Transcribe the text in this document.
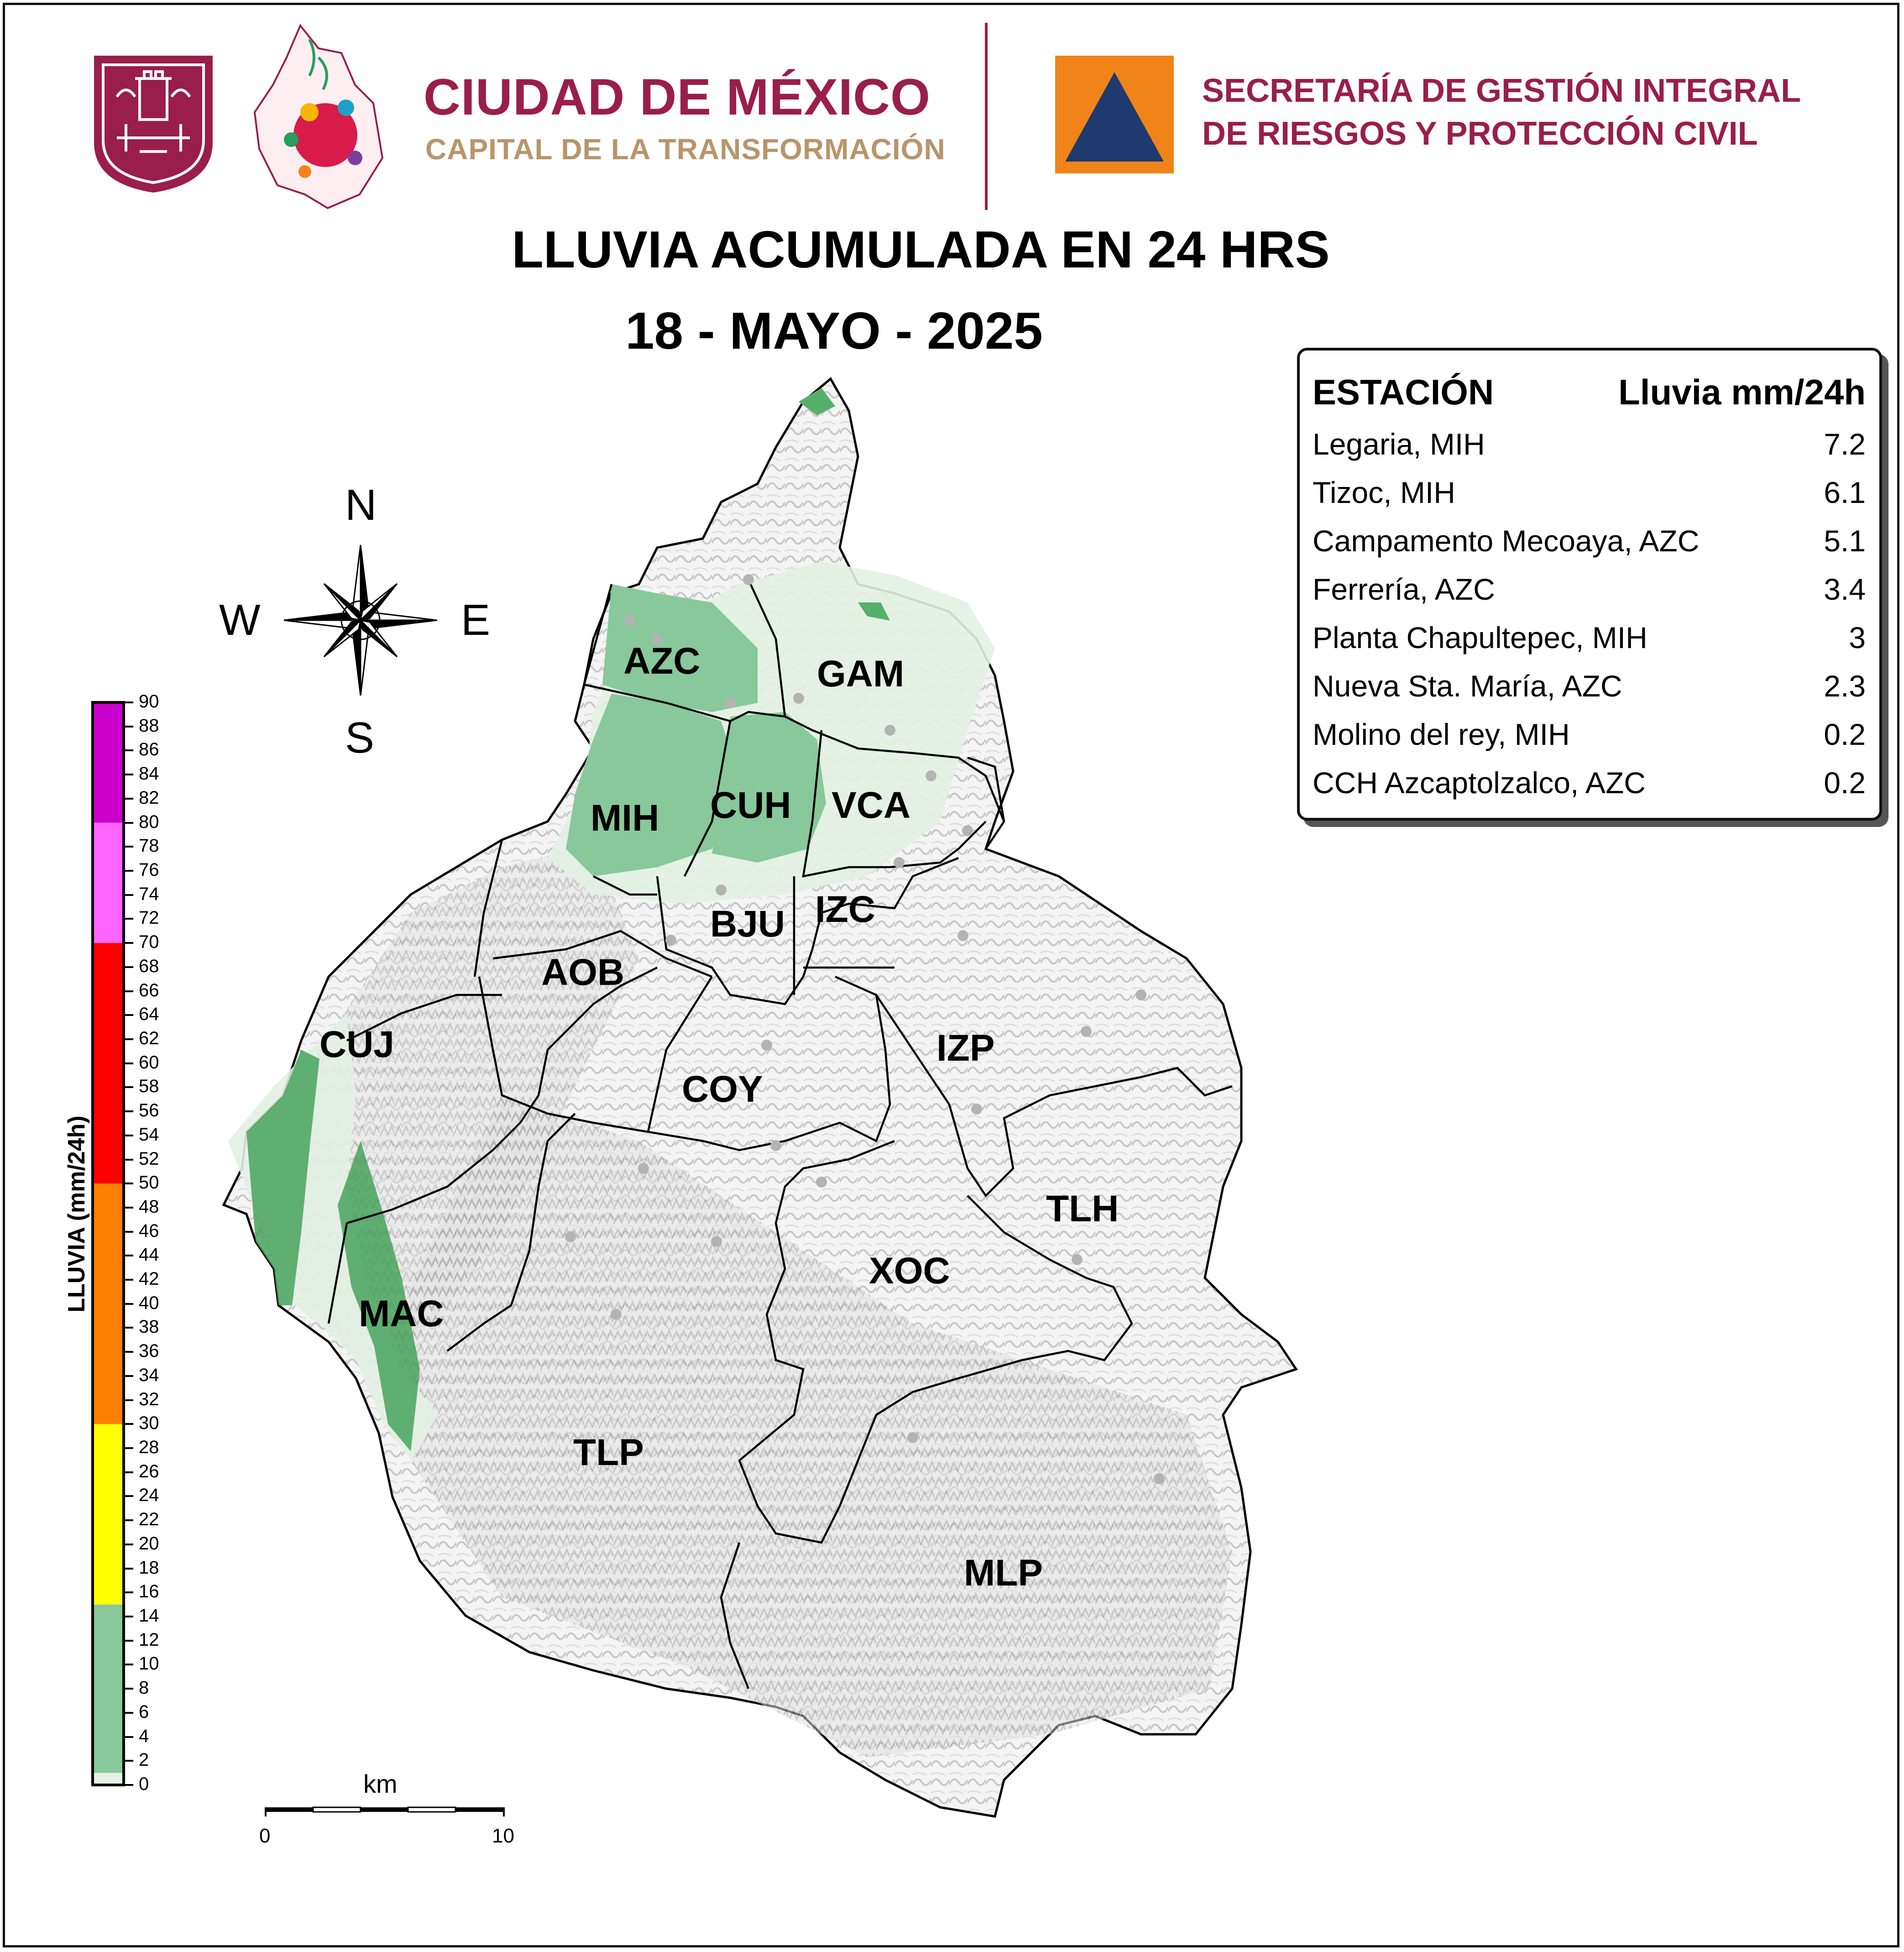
CIUDAD DE MÉXICO
CAPITAL DE LA TRANSFORMACIÓN
SECRETARÍA DE GESTIÓN INTEGRAL
DE RIESGOS Y PROTECCIÓN CIVIL
LLUVIA ACUMULADA EN 24 HRS
18 - MAYO - 2025
ESTACIÓN	Lluvia mm/24h
Legaria, MIH	7.2
Tizoc, MIH	6.1
Campamento Mecoaya, AZC	5.1
Ferrería, AZC	3.4
Planta Chapultepec, MIH	3
Nueva Sta. María, AZC	2.3
Molino del rey, MIH	0.2
CCH Azcaptolzalco, AZC	0.2
N
S
E
W
AZC	GAM
MIH CUH VCA
BJU IZC
AOB
CUJ
COY
IZP
TLH
XOC
MAC
TLP
MLP
LLUVIA (mm/24h)
0
2
4
6
8
10
12
14
16
18
20
22
24
26
28
30
32
34
36
38
40
42
44
46
48
50
52
54
56
58
60
62
64
66
68
70
72
74
76
78
80
82
84
86
88
90
km
0	10
